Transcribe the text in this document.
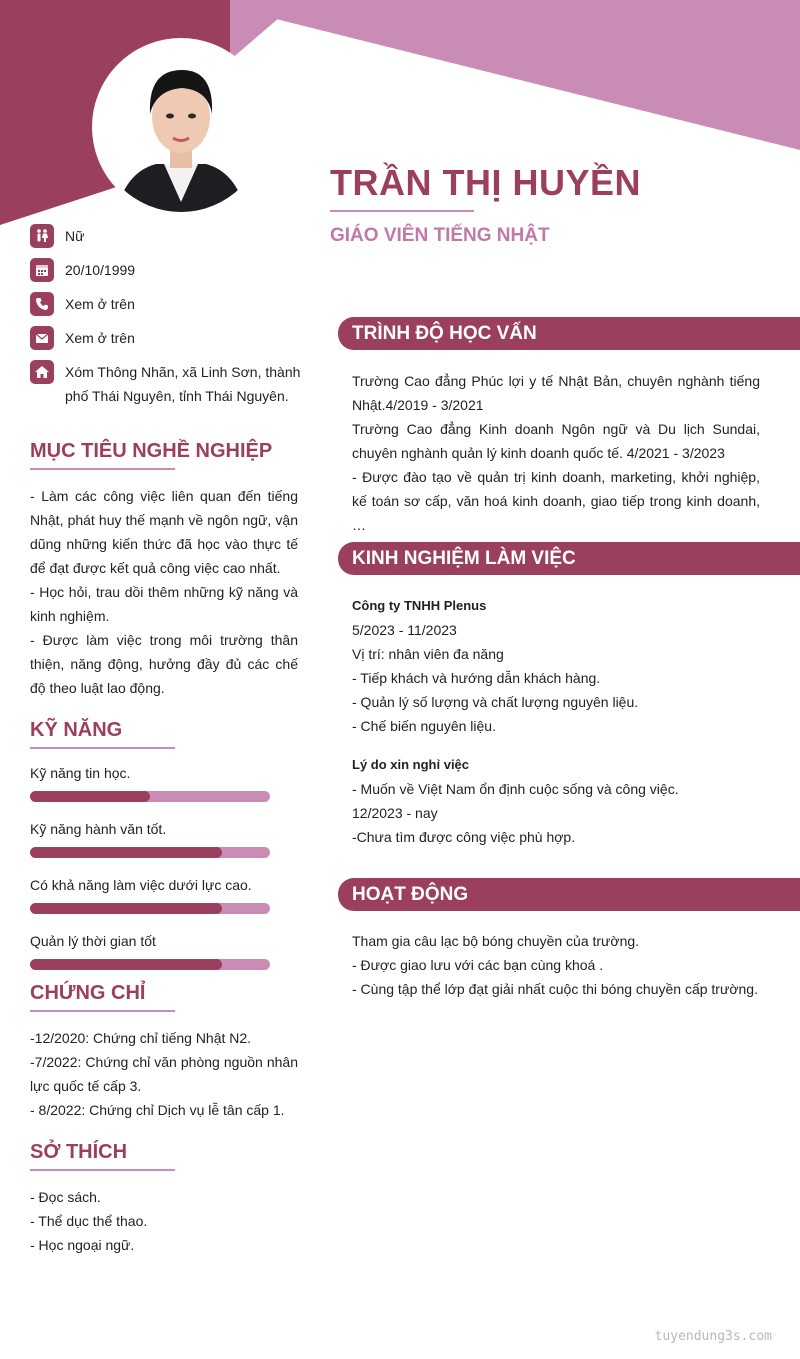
TRẦN THỊ HUYỀN
GIÁO VIÊN TIẾNG NHẬT
Nữ
20/10/1999
Xem ở trên
Xem ở trên
Xóm Thông Nhãn, xã Linh Sơn, thành phố Thái Nguyên, tỉnh Thái Nguyên.
MỤC TIÊU NGHỀ NGHIỆP
- Làm các công việc liên quan đến tiếng Nhật, phát huy thế mạnh về ngôn ngữ, vận dũng những kiến thức đã học vào thực tế để đạt được kết quả công việc cao nhất.
- Học hỏi, trau dồi thêm những kỹ năng và kinh nghiệm.
- Được làm việc trong môi trường thân thiện, năng động, hưởng đầy đủ các chế độ theo luật lao động.
KỸ NĂNG
Kỹ năng tin học.
Kỹ năng hành văn tốt.
Có khả năng làm việc dưới lực cao.
Quản lý thời gian tốt
CHỨNG CHỈ
-12/2020: Chứng chỉ tiếng Nhật N2.
-7/2022: Chứng chỉ văn phòng nguồn nhân lực quốc tế cấp 3.
- 8/2022: Chứng chỉ Dịch vụ lễ tân cấp 1.
SỞ THÍCH
- Đọc sách.
- Thể dục thể thao.
- Học ngoại ngữ.
TRÌNH ĐỘ HỌC VẤN
Trường Cao đẳng Phúc lợi y tế Nhật Bản, chuyên nghành tiếng Nhật.4/2019 - 3/2021
Trường Cao đẳng Kinh doanh Ngôn ngữ và Du lịch Sundai, chuyên nghành quản lý kinh doanh quốc tế. 4/2021 - 3/2023
- Được đào tạo về quản trị kinh doanh, marketing, khởi nghiệp, kế toán sơ cấp, văn hoá kinh doanh, giao tiếp trong kinh doanh, …
KINH NGHIỆM LÀM VIỆC
Công ty TNHH Plenus
5/2023 - 11/2023
Vị trí: nhân viên đa năng
- Tiếp khách và hướng dẫn khách hàng.
- Quản lý số lượng và chất lượng nguyên liệu.
- Chế biến nguyên liệu.
Lý do xin nghỉ việc
- Muốn về Việt Nam ổn định cuộc sống và công việc.
12/2023 - nay
-Chưa tìm được công việc phù hợp.
HOẠT ĐỘNG
Tham gia câu lạc bộ bóng chuyền của trường.
- Được giao lưu với các bạn cùng khoá .
- Cùng tập thể lớp đạt giải nhất cuộc thi bóng chuyền cấp trường.
tuyendung3s.com
